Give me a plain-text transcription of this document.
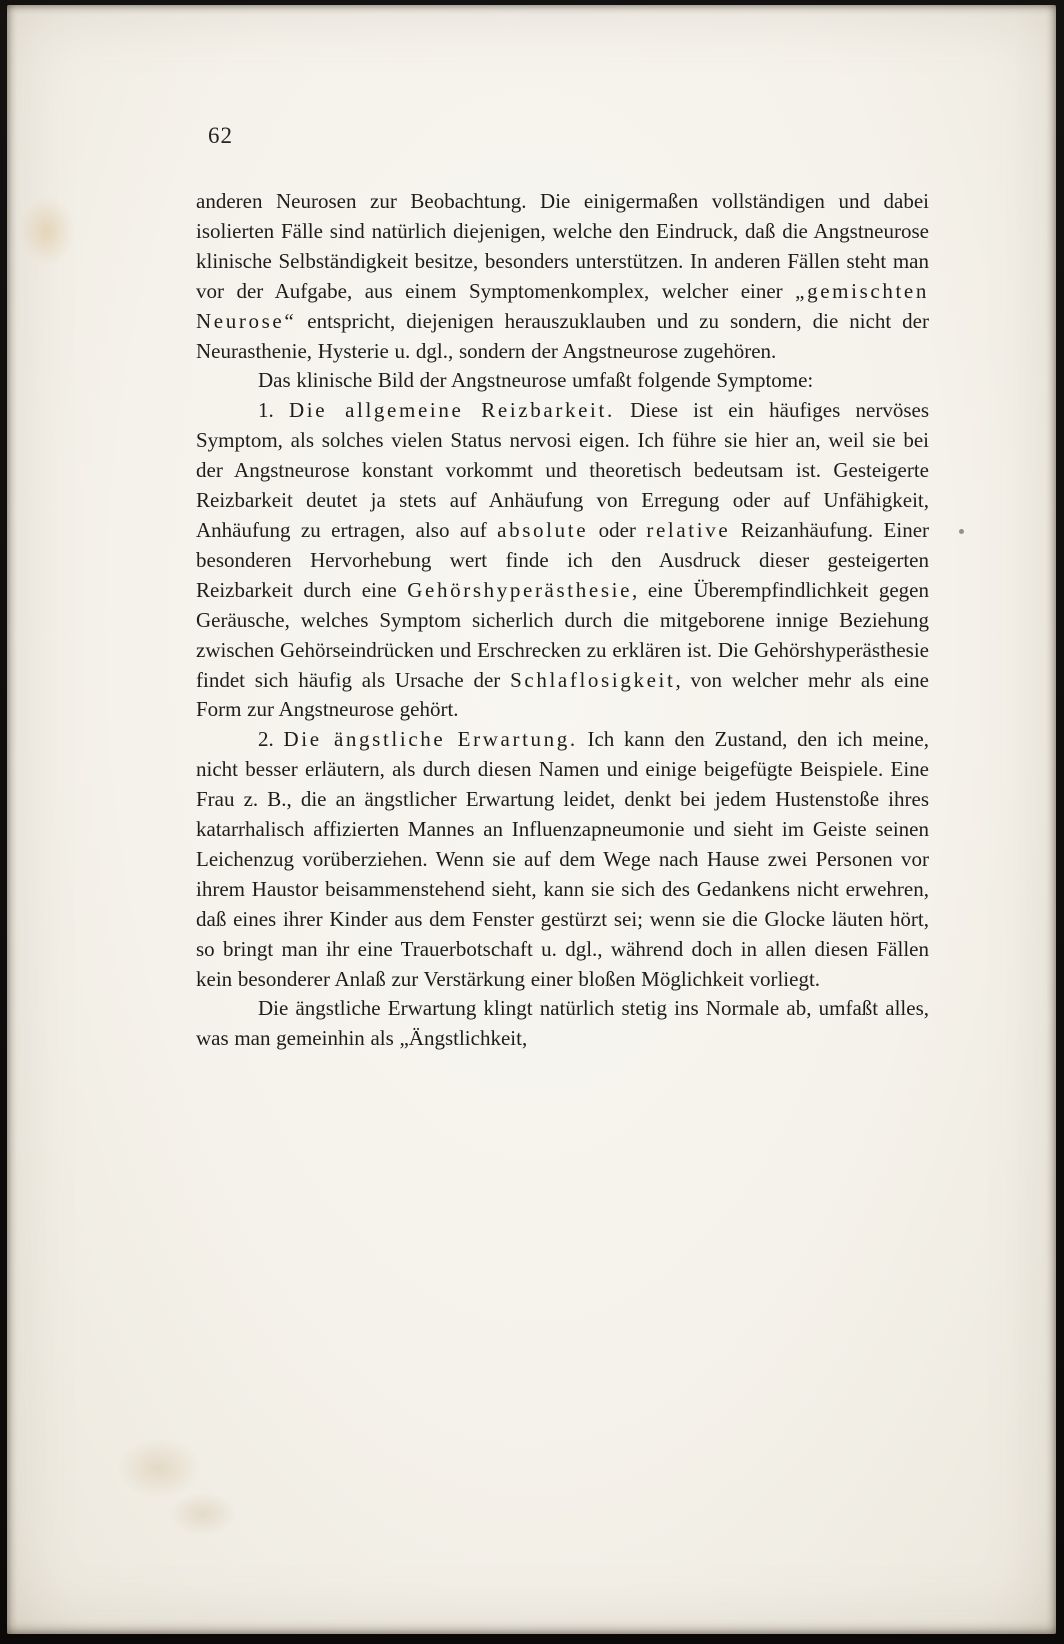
62

anderen Neurosen zur Beobachtung. Die einigermaßen vollständigen und dabei isolierten Fälle sind natürlich diejenigen, welche den Eindruck, daß die Angstneurose klinische Selbständigkeit besitze, besonders unterstützen. In anderen Fällen steht man vor der Aufgabe, aus einem Symptomenkomplex, welcher einer „gemischten Neurose“ entspricht, diejenigen herauszuklauben und zu sondern, die nicht der Neurasthenie, Hysterie u. dgl., sondern der Angstneurose zugehören.

Das klinische Bild der Angstneurose umfaßt folgende Symptome:

1. Die allgemeine Reizbarkeit. Diese ist ein häufiges nervöses Symptom, als solches vielen Status nervosi eigen. Ich führe sie hier an, weil sie bei der Angstneurose konstant vorkommt und theoretisch bedeutsam ist. Gesteigerte Reizbarkeit deutet ja stets auf Anhäufung von Erregung oder auf Unfähigkeit, Anhäufung zu ertragen, also auf absolute oder relative Reizanhäufung. Einer besonderen Hervorhebung wert finde ich den Ausdruck dieser gesteigerten Reizbarkeit durch eine Gehörshyperästhesie, eine Überempfindlichkeit gegen Geräusche, welches Symptom sicherlich durch die mitgeborene innige Beziehung zwischen Gehörseindrücken und Erschrecken zu erklären ist. Die Gehörshyperästhesie findet sich häufig als Ursache der Schlaflosigkeit, von welcher mehr als eine Form zur Angstneurose gehört.

2. Die ängstliche Erwartung. Ich kann den Zustand, den ich meine, nicht besser erläutern, als durch diesen Namen und einige beigefügte Beispiele. Eine Frau z. B., die an ängstlicher Erwartung leidet, denkt bei jedem Hustenstoße ihres katarrhalisch affizierten Mannes an Influenzapneumonie und sieht im Geiste seinen Leichenzug vorüberziehen. Wenn sie auf dem Wege nach Hause zwei Personen vor ihrem Haustor beisammenstehend sieht, kann sie sich des Gedankens nicht erwehren, daß eines ihrer Kinder aus dem Fenster gestürzt sei; wenn sie die Glocke läuten hört, so bringt man ihr eine Trauerbotschaft u. dgl., während doch in allen diesen Fällen kein besonderer Anlaß zur Verstärkung einer bloßen Möglichkeit vorliegt.

Die ängstliche Erwartung klingt natürlich stetig ins Normale ab, umfaßt alles, was man gemeinhin als „Ängstlichkeit,
